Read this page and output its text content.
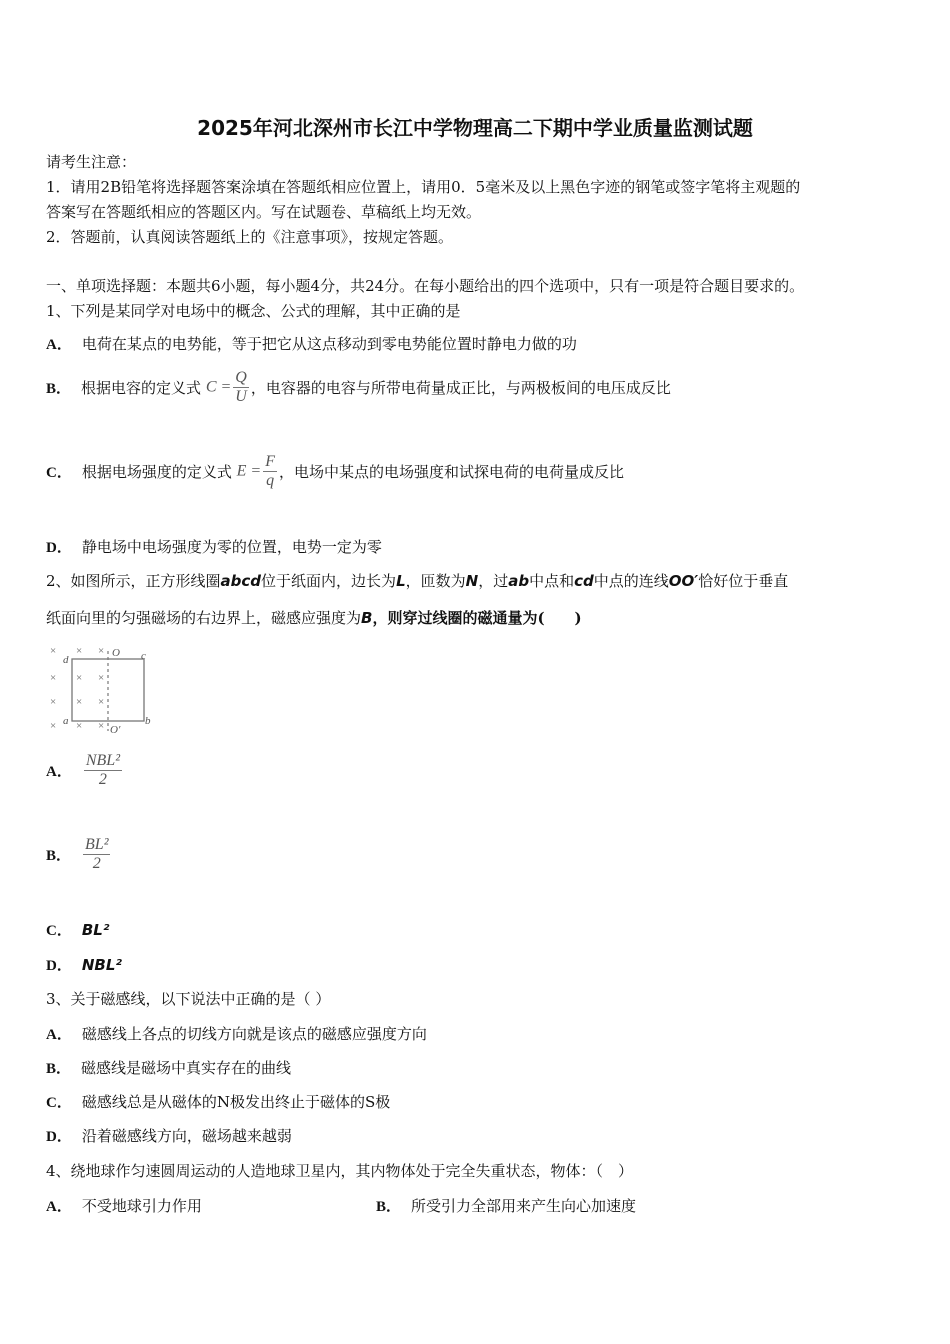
2025年河北深州市长江中学物理高二下期中学业质量监测试题
请考生注意：
1．请用2B铅笔将选择题答案涂填在答题纸相应位置上，请用0．5毫米及以上黑色字迹的钢笔或签字笔将主观题的
答案写在答题纸相应的答题区内。写在试题卷、草稿纸上均无效。
2．答题前，认真阅读答题纸上的《注意事项》，按规定答题。
一、单项选择题：本题共6小题，每小题4分，共24分。在每小题给出的四个选项中，只有一项是符合题目要求的。
1、下列是某同学对电场中的概念、公式的理解，其中正确的是
A． 电荷在某点的电势能，等于把它从这点移动到零电势能位置时静电力做的功
B． 根据电容的定义式 $C = \frac{Q}{U}$ ，电容器的电容与所带电荷量成正比，与两极板间的电压成反比
C． 根据电场强度的定义式 $E = \frac{F}{q}$ ，电场中某点的电场强度和试探电荷的电荷量成反比
D． 静电场中电场强度为零的位置，电势一定为零
2、如图所示，正方形线圈abcd位于纸面内，边长为L，匝数为N，过ab中点和cd中点的连线OO′恰好位于垂直
纸面向里的匀强磁场的右边界上，磁感应强度为B，则穿过线圈的磁通量为(　　)
× × ×
× × ×
× × ×
× × ×
d
O c
a
O′
b
A． $\frac{\text{NBL²}}{2}$
B． $\frac{\text{BL²}}{2}$
C． BL²
D． NBL²
3、关于磁感线，以下说法中正确的是（ ）
A． 磁感线上各点的切线方向就是该点的磁感应强度方向
B． 磁感线是磁场中真实存在的曲线
C． 磁感线总是从磁体的N极发出终止于磁体的S极
D． 沿着磁感线方向，磁场越来越弱
4、绕地球作匀速圆周运动的人造地球卫星内，其内物体处于完全失重状态，物体：（　）
A． 不受地球引力作用	B． 所受引力全部用来产生向心加速度
